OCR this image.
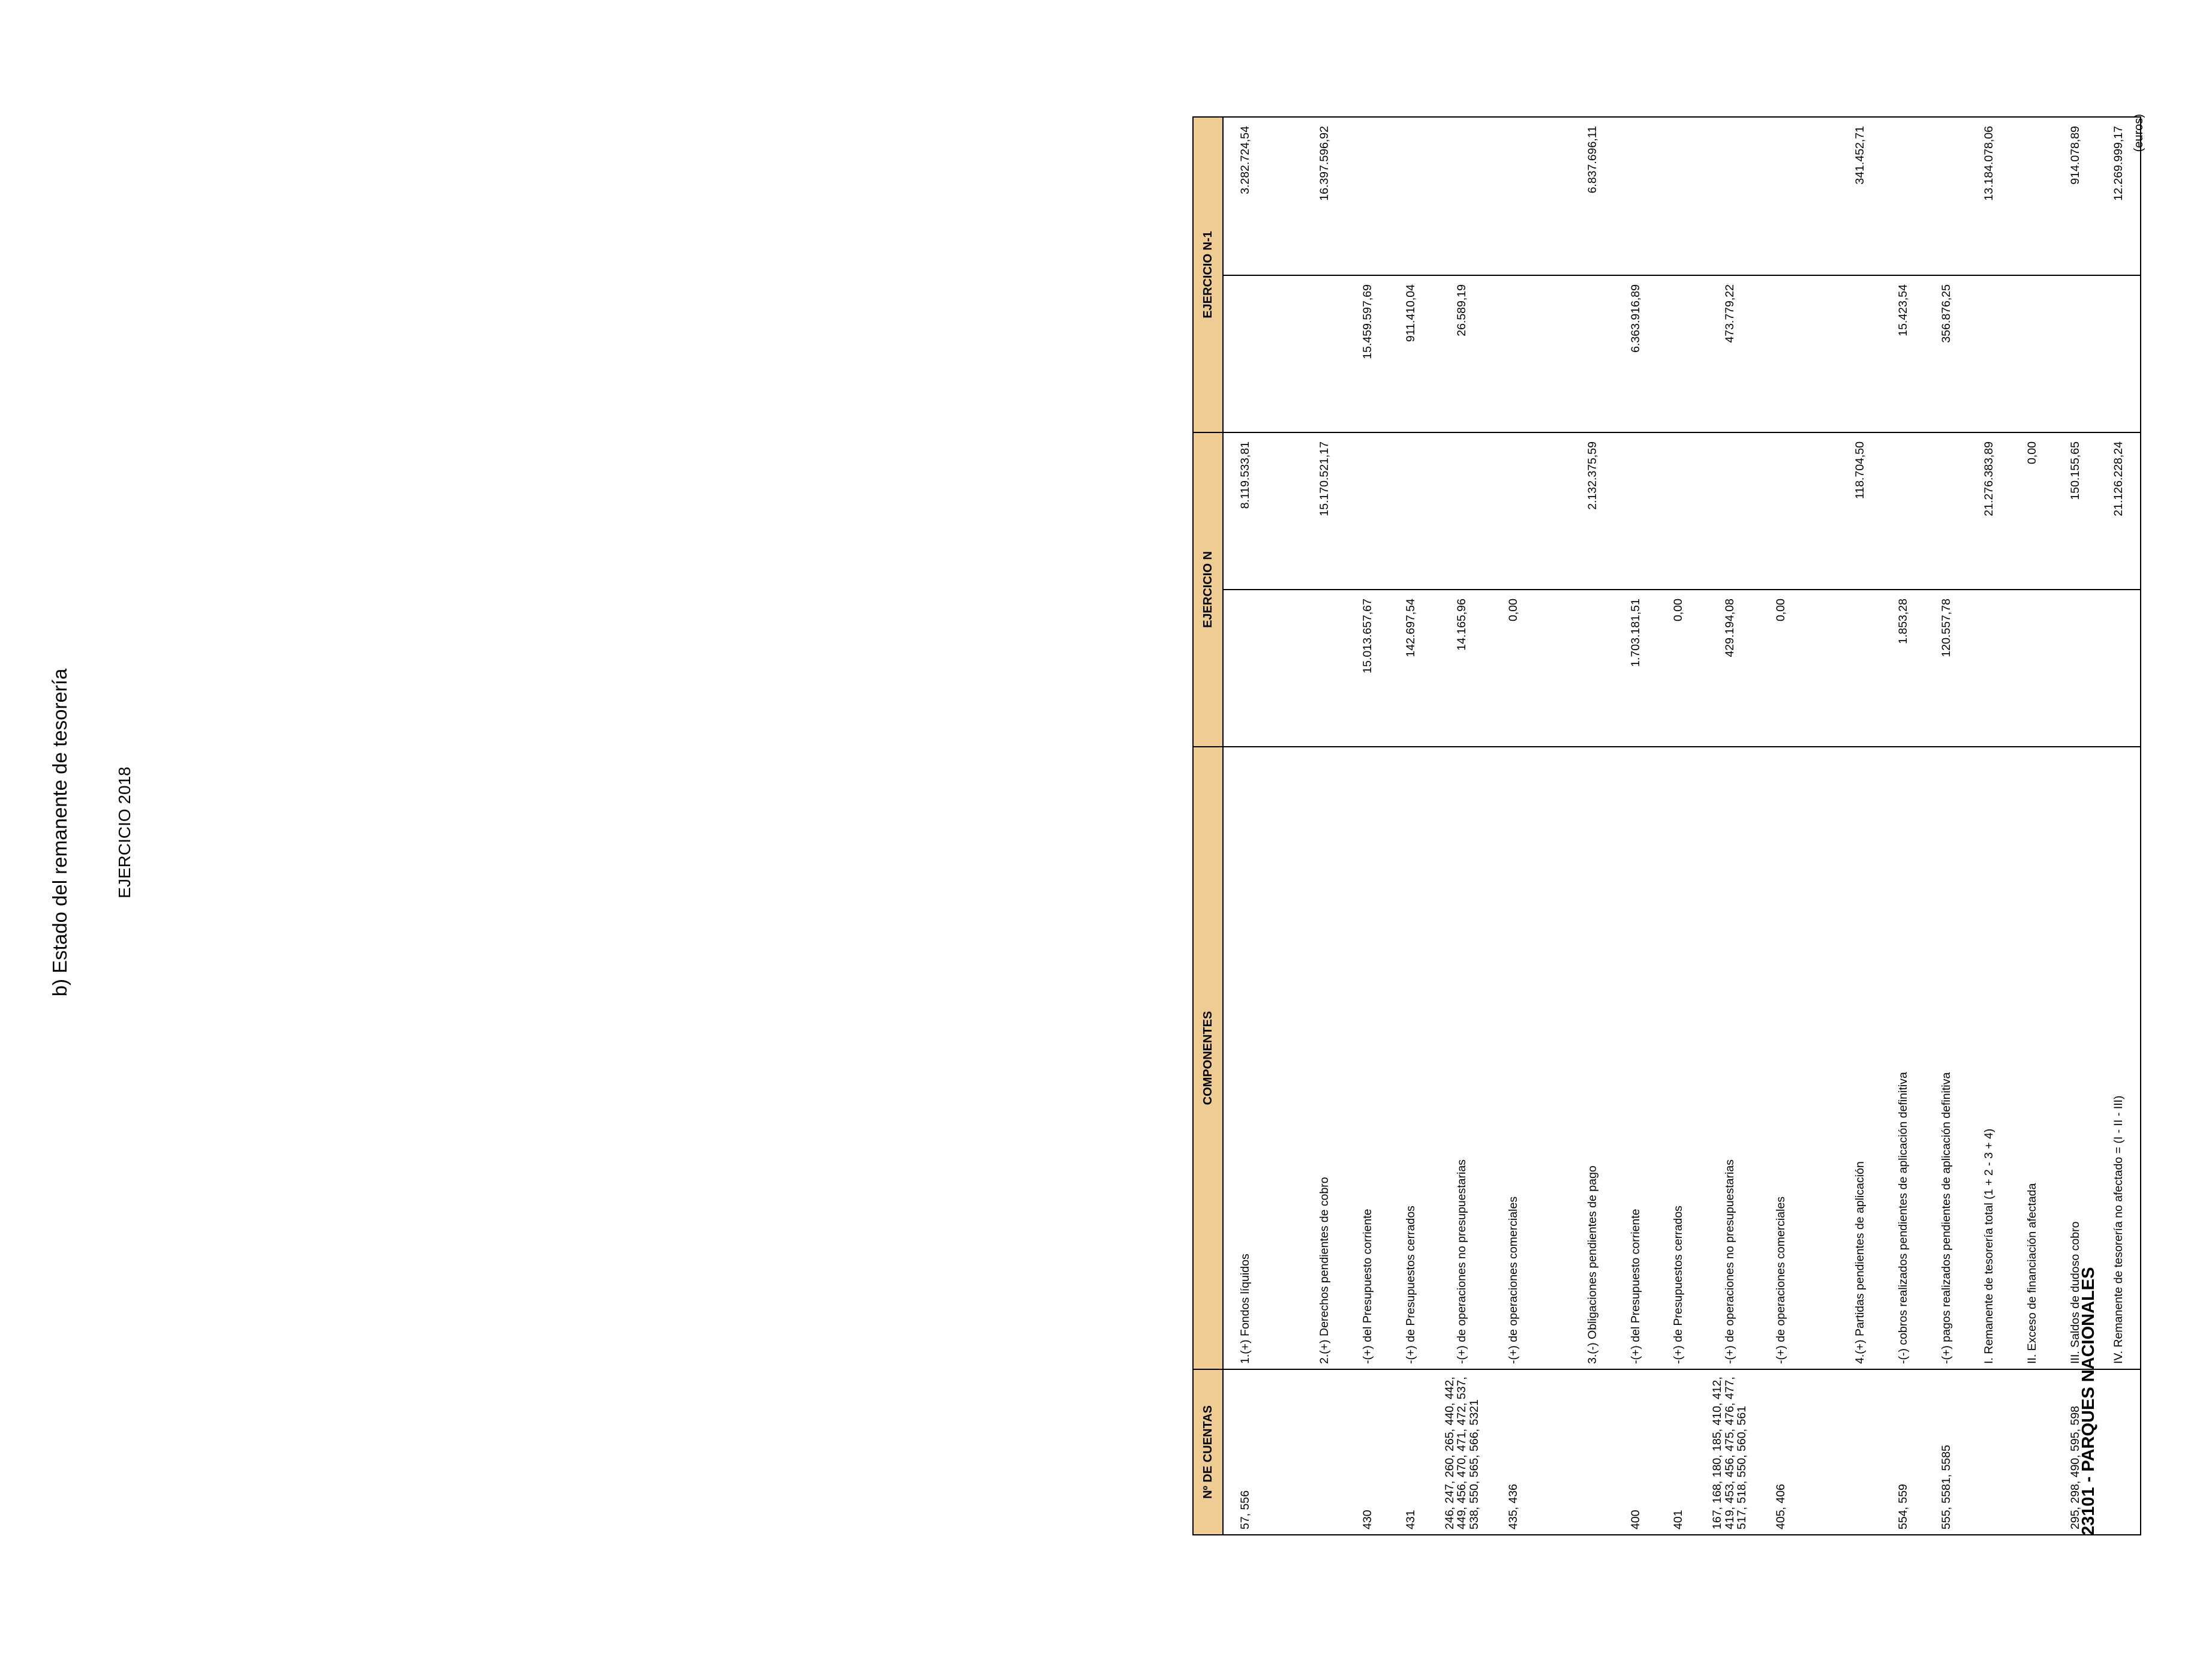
b) Estado del remanente de tesorería	EJERCICIO 2018
Nº DE CUENTAS	COMPONENTES	EJERCICIO N		EJERCICIO N-1	
57, 556	1.(+) Fondos líquidos		8.119.533,81		3.282.724,54

	2.(+) Derechos pendientes de cobro		15.170.521,17		16.397.596,92
430	-(+) del Presupuesto corriente	15.013.657,67		15.459.597,69	
431	-(+) de Presupuestos cerrados	142.697,54		911.410,04	
246, 247, 260, 265, 440, 442, 449, 456, 470, 471, 472, 537, 538, 550, 565, 566, 5321	-(+) de operaciones no presupuestarias	14.165,96		26.589,19	
435, 436	-(+) de operaciones comerciales	0,00			

	3.(-) Obligaciones pendientes de pago		2.132.375,59		6.837.696,11
400	-(+) del Presupuesto corriente	1.703.181,51		6.363.916,89	
401	-(+) de Presupuestos cerrados	0,00			
167, 168, 180, 185, 410, 412, 419, 453, 456, 475, 476, 477, 517, 518, 550, 560, 561	-(+) de operaciones no presupuestarias	429.194,08		473.779,22	
405, 406	-(+) de operaciones comerciales	0,00			

	4.(+) Partidas pendientes de aplicación		118.704,50		341.452,71
554, 559	-(-) cobros realizados pendientes de aplicación definitiva	1.853,28		15.423,54	
555, 5581, 5585	-(+) pagos realizados pendientes de aplicación definitiva	120.557,78		356.876,25	
	I. Remanente de tesorería total (1 + 2 - 3 + 4)		21.276.383,89		13.184.078,06
	II. Exceso de financiación afectada		0,00		
295, 298, 490, 595, 598	III. Saldos de dudoso cobro		150.155,65		914.078,89
	IV. Remanente de tesorería no afectado = (I - II - III)		21.126.228,24		12.269.999,17
23101 - PARQUES NACIONALES
(euros)
